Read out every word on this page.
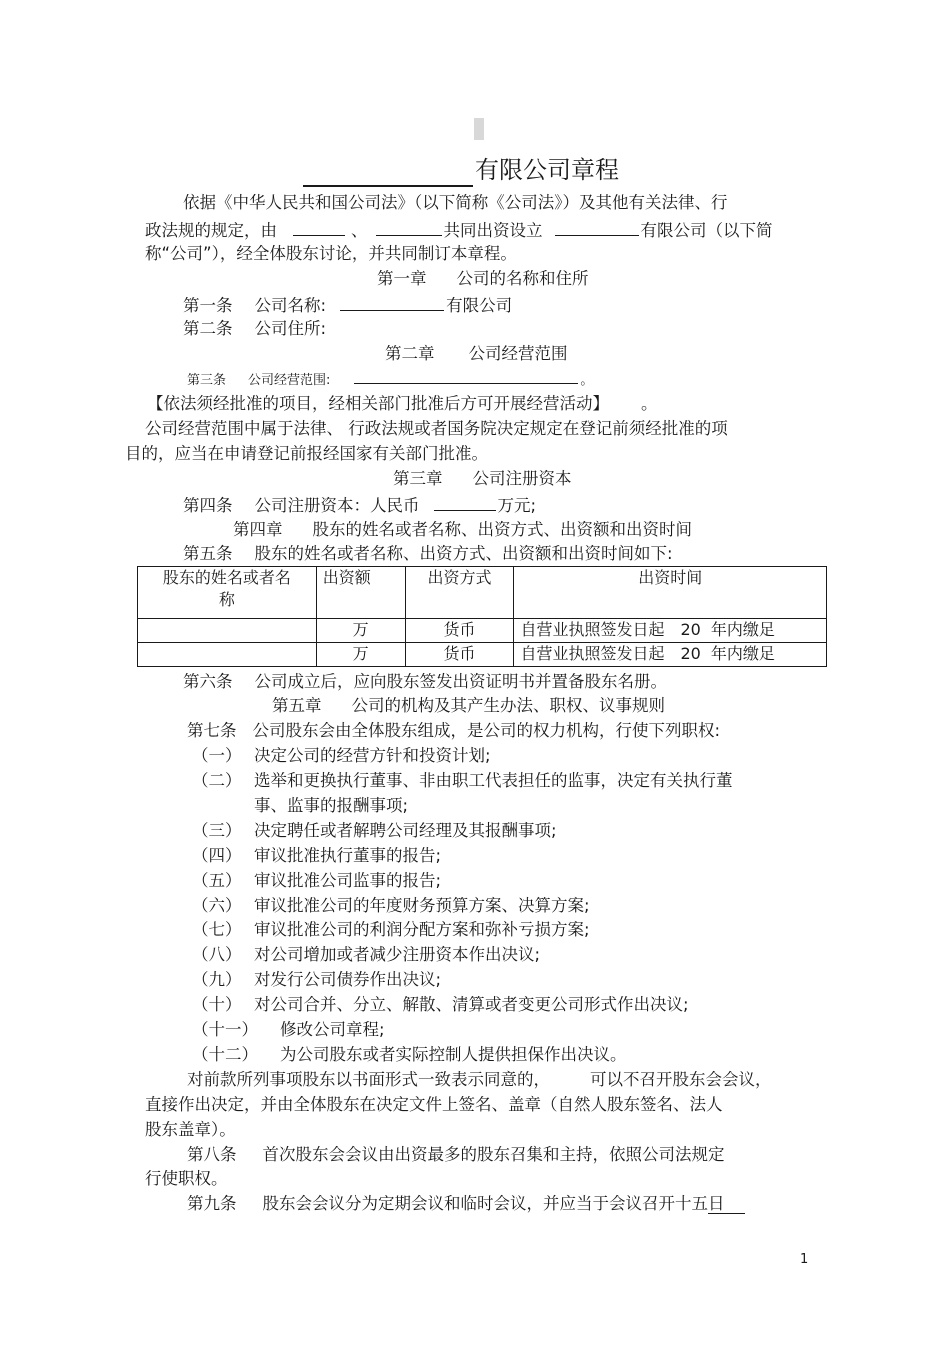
有限公司章程
依据《中华人民共和国公司法》（以下简称《公司法》）及其他有关法律、行
政法规的规定，由	、	共同出资设立	有限公司（以下简
称“公司”），经全体股东讨论，并共同制订本章程。
第一章 公司的名称和住所
第一条 公司名称:	有限公司
第二条 公司住所:
第二章 公司经营范围
第三条 公司经营范围:	。
【依法须经批准的项目，经相关部门批准后方可开展经营活动】 。
公司经营范围中属于法律、 行政法规或者国务院决定规定在登记前须经批准的项
目的，应当在申请登记前报经国家有关部门批准。
第三章 公司注册资本
第四条 公司注册资本：人民币	万元;
第四章 股东的姓名或者名称、出资方式、出资额和出资时间
第五条 股东的姓名或者名称、出资方式、出资额和出资时间如下:
股东的姓名或者名
称	出资额	出资方式	出资时间
	万	货币	自营业执照签发日起 20 年内缴足
	万	货币	自营业执照签发日起 20 年内缴足
第六条 公司成立后，应向股东签发出资证明书并置备股东名册。
第五章 公司的机构及其产生办法、职权、议事规则
第七条 公司股东会由全体股东组成，是公司的权力机构，行使下列职权:
（一） 决定公司的经营方针和投资计划;
（二） 选举和更换执行董事、非由职工代表担任的监事，决定有关执行董
事、监事的报酬事项;
（三） 决定聘任或者解聘公司经理及其报酬事项;
（四） 审议批准执行董事的报告;
（五） 审议批准公司监事的报告;
（六） 审议批准公司的年度财务预算方案、决算方案;
（七） 审议批准公司的利润分配方案和弥补亏损方案;
（八） 对公司增加或者减少注册资本作出决议;
（九） 对发行公司债券作出决议;
（十） 对公司合并、分立、解散、清算或者变更公司形式作出决议;
（十一） 修改公司章程;
（十二） 为公司股东或者实际控制人提供担保作出决议。
对前款所列事项股东以书面形式一致表示同意的， 可以不召开股东会会议，
直接作出决定，并由全体股东在决定文件上签名、盖章（自然人股东签名、法人
股东盖章）。
第八条 首次股东会会议由出资最多的股东召集和主持，依照公司法规定
行使职权。
第九条 股东会会议分为定期会议和临时会议，并应当于会议召开十五日
1
